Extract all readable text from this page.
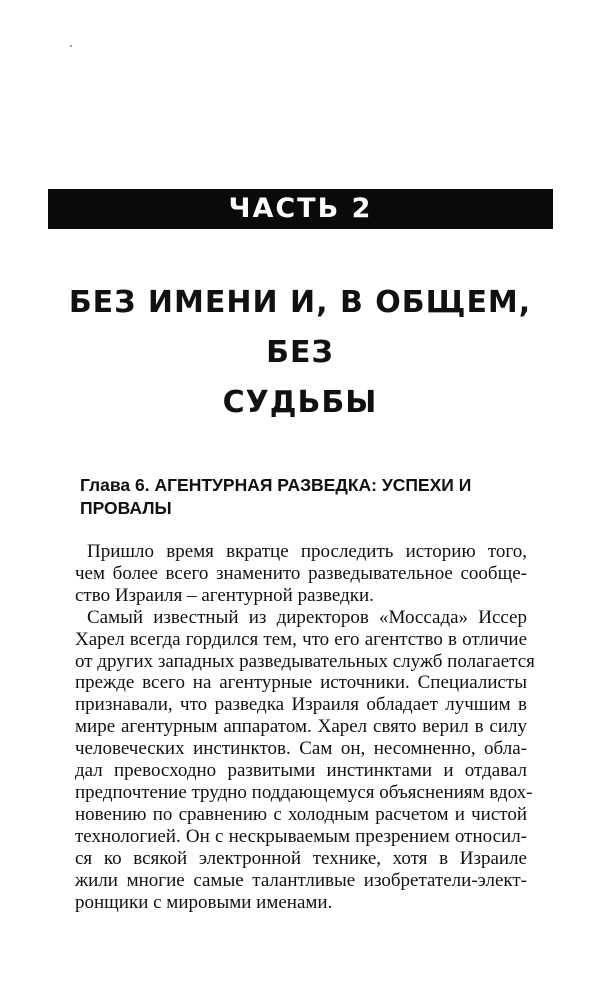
ЧАСТЬ 2
БЕЗ ИМЕНИ И, В ОБЩЕМ, БЕЗ
СУДЬБЫ
Глава 6. АГЕНТУРНАЯ РАЗВЕДКА: УСПЕХИ И
ПРОВАЛЫ
Пришло время вкратце проследить историю того,
чем более всего знаменито разведывательное сообще-
ство Израиля – агентурной разведки.
Самый известный из директоров «Моссада» Иссер
Харел всегда гордился тем, что его агентство в отличие
от других западных разведывательных служб полагается
прежде всего на агентурные источники. Специалисты
признавали, что разведка Израиля обладает лучшим в
мире агентурным аппаратом. Харел свято верил в силу
человеческих инстинктов. Сам он, несомненно, обла-
дал превосходно развитыми инстинктами и отдавал
предпочтение трудно поддающемуся объяснениям вдох-
новению по сравнению с холодным расчетом и чистой
технологией. Он с нескрываемым презрением относил-
ся ко всякой электронной технике, хотя в Израиле
жили многие самые талантливые изобретатели-элект-
ронщики с мировыми именами.
